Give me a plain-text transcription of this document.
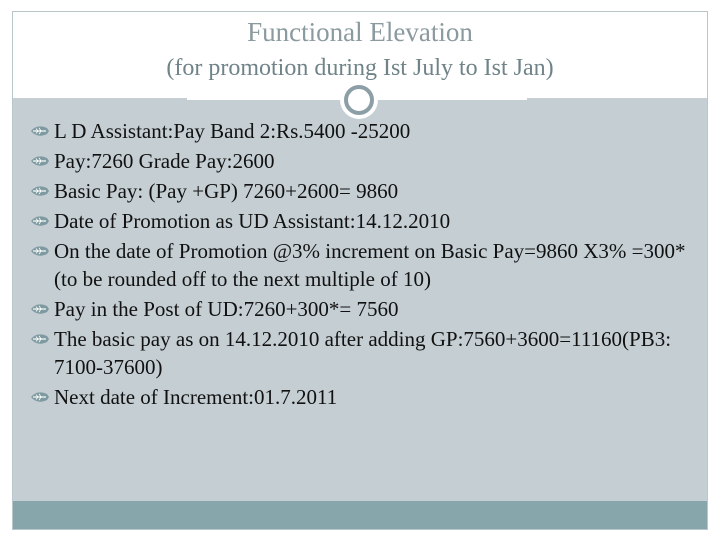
Functional Elevation
(for promotion during Ist July to Ist Jan)
L D Assistant:Pay Band 2:Rs.5400 -25200
Pay:7260 Grade Pay:2600
Basic Pay: (Pay +GP) 7260+2600= 9860
Date of Promotion as UD Assistant:14.12.2010
On the date of Promotion @3% increment on Basic Pay=9860 X3% =300*(to be rounded off to the next multiple of 10)
Pay in the Post of UD:7260+300*= 7560
The basic pay as on 14.12.2010 after adding GP:7560+3600=11160(PB3: 7100-37600)
Next date of Increment:01.7.2011
